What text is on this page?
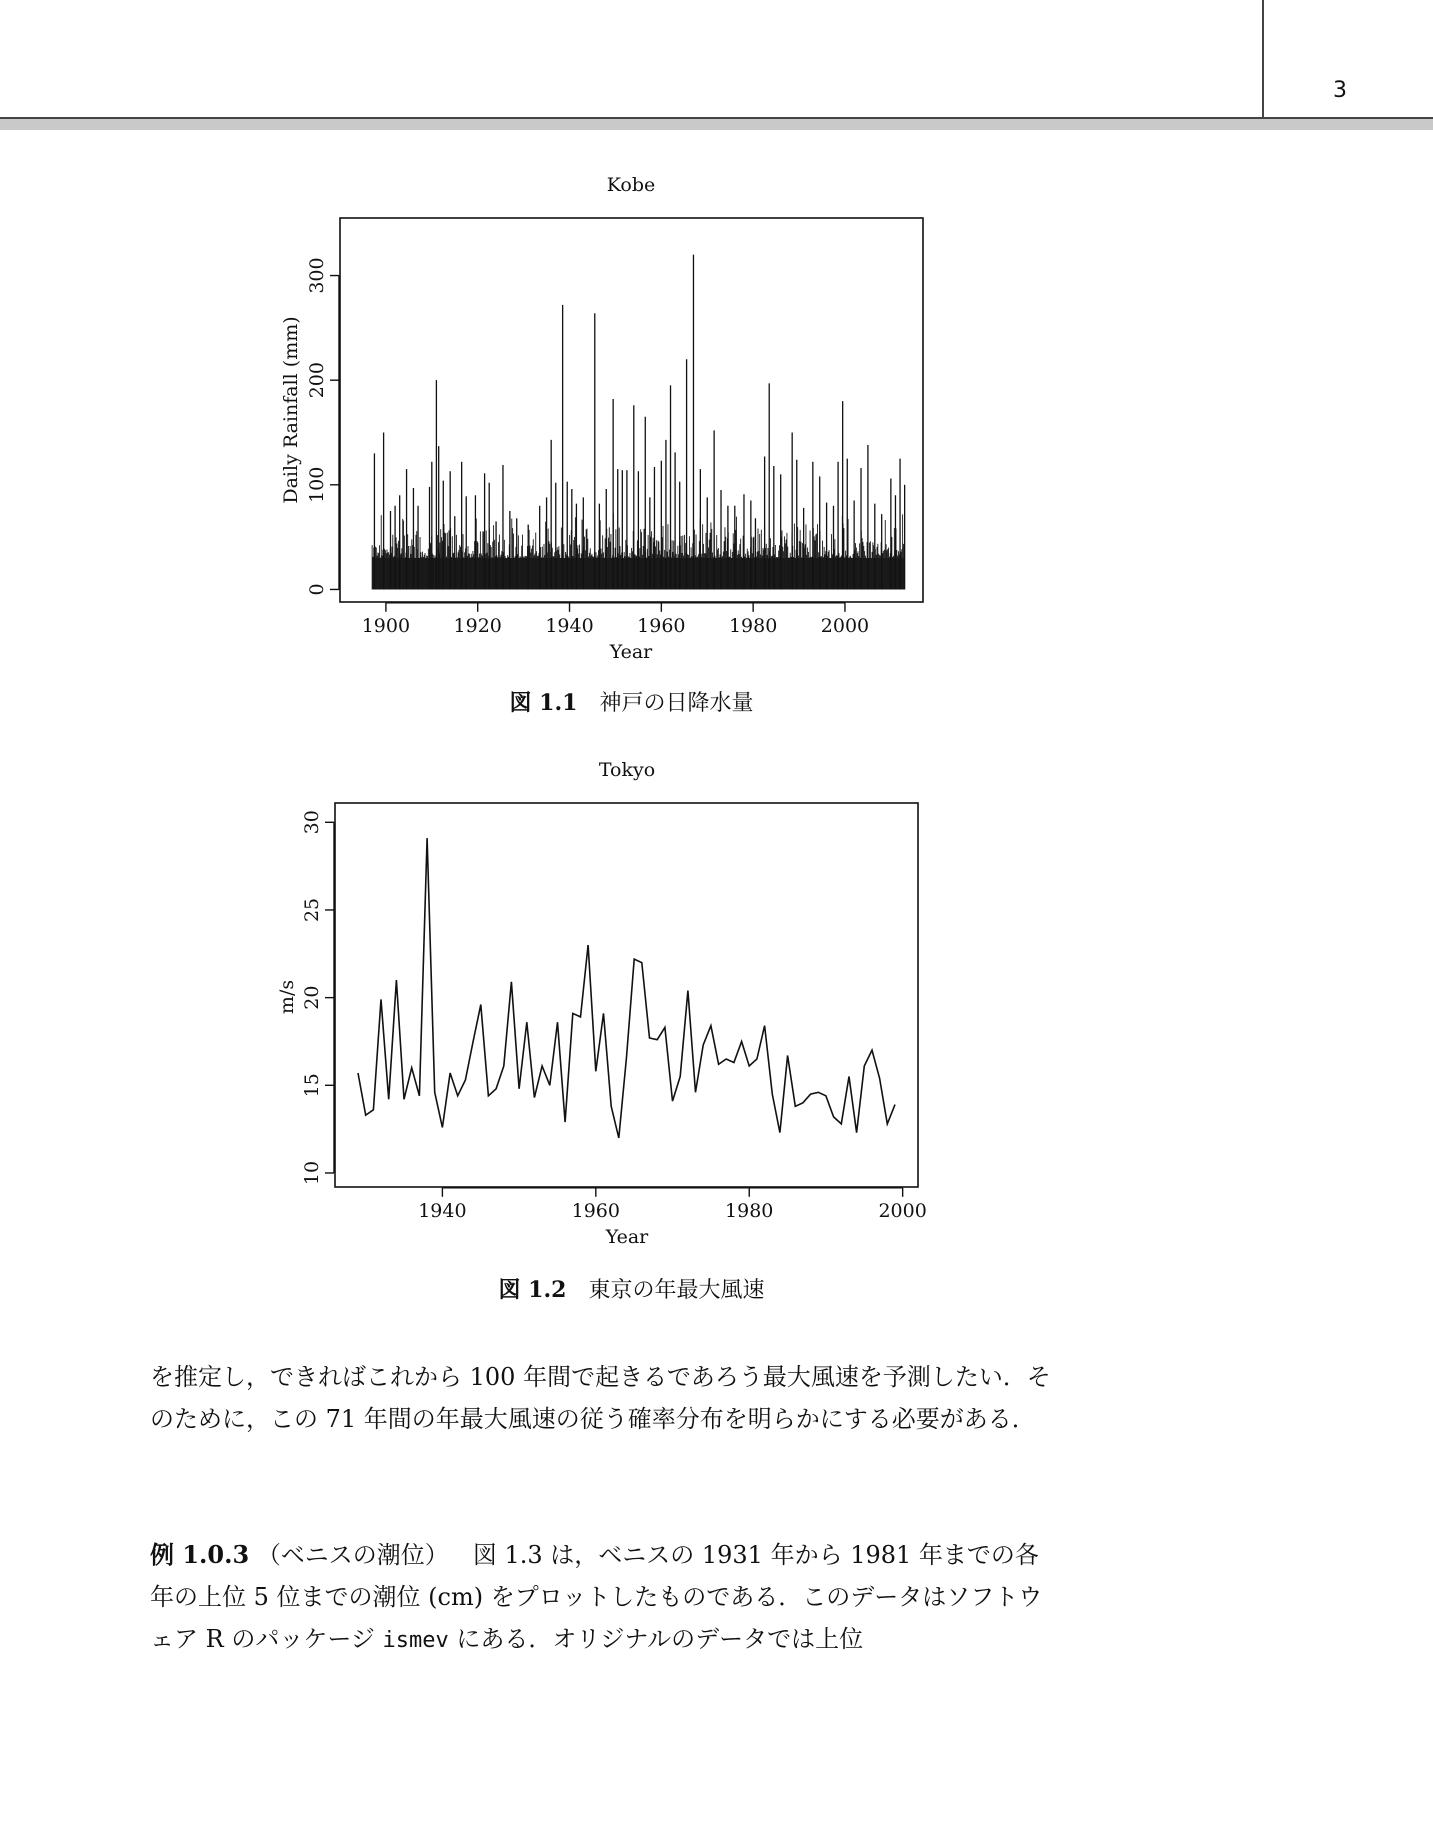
3
Kobe
1900 1920 1940 1960 1980 2000
0
100
200
300
Year
Daily Rainfall (mm)
図 1.1 神戸の日降水量
Tokyo
1940	1960	1980	2000
10
15
20
25
30
Year
m/s
図 1.2 東京の年最大風速

を推定し，できればこれから 100 年間で起きるであろう最大風速を予測したい．そのために，この 71 年間の年最大風速の従う確率分布を明らかにする必要がある．

例 1.0.3 （ベニスの潮位）  図 1.3 は，ベニスの 1931 年から 1981 年までの各年の上位 5 位までの潮位 (cm) をプロットしたものである．このデータはソフトウェア R のパッケージ ismev にある．オリジナルのデータでは上位
